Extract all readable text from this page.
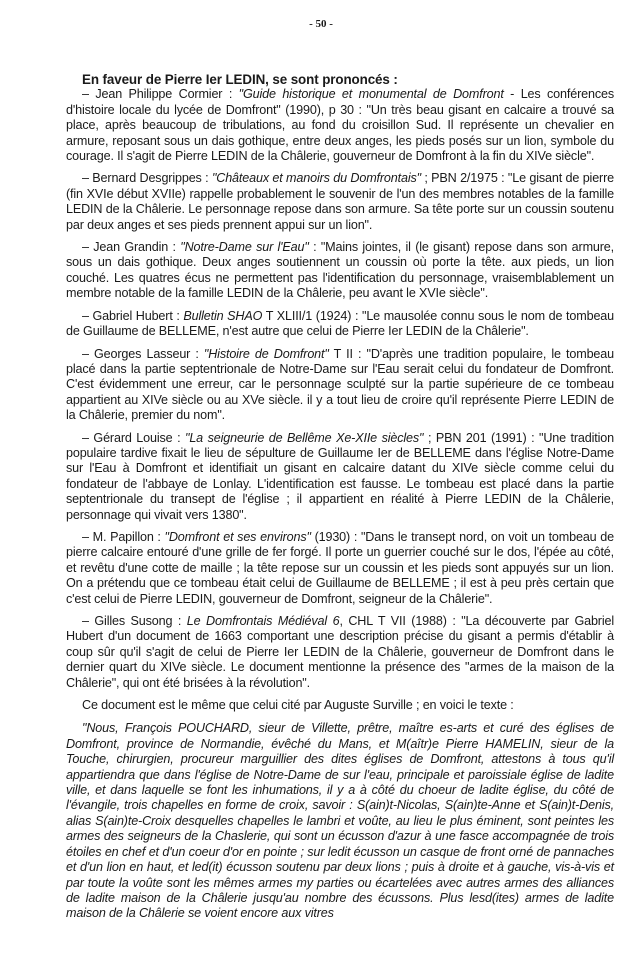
- 50 -

En faveur de Pierre Ier LEDIN, se sont prononcés :

– Jean Philippe Cormier : "Guide historique et monumental de Domfront - Les conférences d'histoire locale du lycée de Domfront" (1990), p 30 : "Un très beau gisant en calcaire a trouvé sa place, après beaucoup de tribulations, au fond du croisillon Sud. Il représente un chevalier en armure, reposant sous un dais gothique, entre deux anges, les pieds posés sur un lion, symbole du courage. Il s'agit de Pierre LEDIN de la Châlerie, gouverneur de Domfront à la fin du XIVe siècle".

– Bernard Desgrippes : "Châteaux et manoirs du Domfrontais" ; PBN 2/1975 : "Le gisant de pierre (fin XVIe début XVIIe) rappelle probablement le souvenir de l'un des membres notables de la famille LEDIN de la Châlerie. Le personnage repose dans son armure. Sa tête porte sur un coussin soutenu par deux anges et ses pieds prennent appui sur un lion".

– Jean Grandin : "Notre-Dame sur l'Eau" : "Mains jointes, il (le gisant) repose dans son armure, sous un dais gothique. Deux anges soutiennent un coussin où porte la tête. aux pieds, un lion couché. Les quatres écus ne permettent pas l'identification du personnage, vraisemblablement un membre notable de la famille LEDIN de la Châlerie, peu avant le XVIe siècle".

– Gabriel Hubert : Bulletin SHAO T XLIII/1 (1924) : "Le mausolée connu sous le nom de tombeau de Guillaume de BELLEME, n'est autre que celui de Pierre Ier LEDIN de la Châlerie".

– Georges Lasseur : "Histoire de Domfront" T II : "D'après une tradition populaire, le tombeau placé dans la partie septentrionale de Notre-Dame sur l'Eau serait celui du fondateur de Domfront. C'est évidemment une erreur, car le personnage sculpté sur la partie supérieure de ce tombeau appartient au XIVe siècle ou au XVe siècle. il y a tout lieu de croire qu'il représente Pierre LEDIN de la Châlerie, premier du nom".

– Gérard Louise : "La seigneurie de Bellême Xe-XIIe siècles" ; PBN 201 (1991) : "Une tradition populaire tardive fixait le lieu de sépulture de Guillaume Ier de BELLEME dans l'église Notre-Dame sur l'Eau à Domfront et identifiait un gisant en calcaire datant du XIVe siècle comme celui du fondateur de l'abbaye de Lonlay. L'identification est fausse. Le tombeau est placé dans la partie septentrionale du transept de l'église ; il appartient en réalité à Pierre LEDIN de la Châlerie, personnage qui vivait vers 1380".

– M. Papillon : "Domfront et ses environs" (1930) : "Dans le transept nord, on voit un tombeau de pierre calcaire entouré d'une grille de fer forgé. Il porte un guerrier couché sur le dos, l'épée au côté, et revêtu d'une cotte de maille ; la tête repose sur un coussin et les pieds sont appuyés sur un lion. On a prétendu que ce tombeau était celui de Guillaume de BELLEME ; il est à peu près certain que c'est celui de Pierre LEDIN, gouverneur de Domfront, seigneur de la Châlerie".

– Gilles Susong : Le Domfrontais Médiéval 6, CHL T VII (1988) : "La découverte par Gabriel Hubert d'un document de 1663 comportant une description précise du gisant a permis d'établir à coup sûr qu'il s'agit de celui de Pierre Ier LEDIN de la Châlerie, gouverneur de Domfront dans le dernier quart du XIVe siècle. Le document mentionne la présence des "armes de la maison de la Châlerie", qui ont été brisées à la révolution".

Ce document est le même que celui cité par Auguste Surville ; en voici le texte :

"Nous, François POUCHARD, sieur de Villette, prêtre, maître es-arts et curé des églises de Domfront, province de Normandie, évêché du Mans, et M(aîtr)e Pierre HAMELIN, sieur de la Touche, chirurgien, procureur marguillier des dites églises de Domfront, attestons à tous qu'il appartiendra que dans l'église de Notre-Dame de sur l'eau, principale et paroissiale église de ladite ville, et dans laquelle se font les inhumations, il y a à côté du choeur de ladite église, du côté de l'évangile, trois chapelles en forme de croix, savoir : S(ain)t-Nicolas, S(ain)te-Anne et S(ain)t-Denis, alias S(ain)te-Croix desquelles chapelles le lambri et voûte, au lieu le plus éminent, sont peintes les armes des seigneurs de la Chaslerie, qui sont un écusson d'azur à une fasce accompagnée de trois étoiles en chef et d'un coeur d'or en pointe ; sur ledit écusson un casque de front orné de pannaches et d'un lion en haut, et led(it) écusson soutenu par deux lions ; puis à droite et à gauche, vis-à-vis et par toute la voûte sont les mêmes armes my parties ou écartelées avec autres armes des alliances de ladite maison de la Châlerie jusqu'au nombre des écussons. Plus lesd(ites) armes de ladite maison de la Châlerie se voient encore aux vitres
